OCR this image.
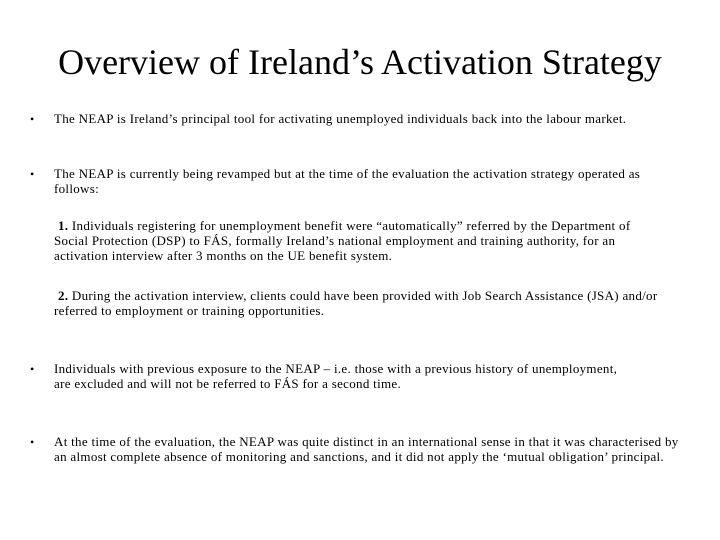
Overview of Ireland’s Activation Strategy
• The NEAP is Ireland’s principal tool for activating unemployed individuals back into the labour market.
• The NEAP is currently being revamped but at the time of the evaluation the activation strategy operated as follows:
1. Individuals registering for unemployment benefit were “automatically” referred by the Department of Social Protection (DSP) to FÁS, formally Ireland’s national employment and training authority, for an activation interview after 3 months on the UE benefit system.
2. During the activation interview, clients could have been provided with Job Search Assistance (JSA) and/or referred to employment or training opportunities.
• Individuals with previous exposure to the NEAP – i.e. those with a previous history of unemployment, are excluded and will not be referred to FÁS for a second time.
• At the time of the evaluation, the NEAP was quite distinct in an international sense in that it was characterised by an almost complete absence of monitoring and sanctions, and it did not apply the ‘mutual obligation’ principal.
